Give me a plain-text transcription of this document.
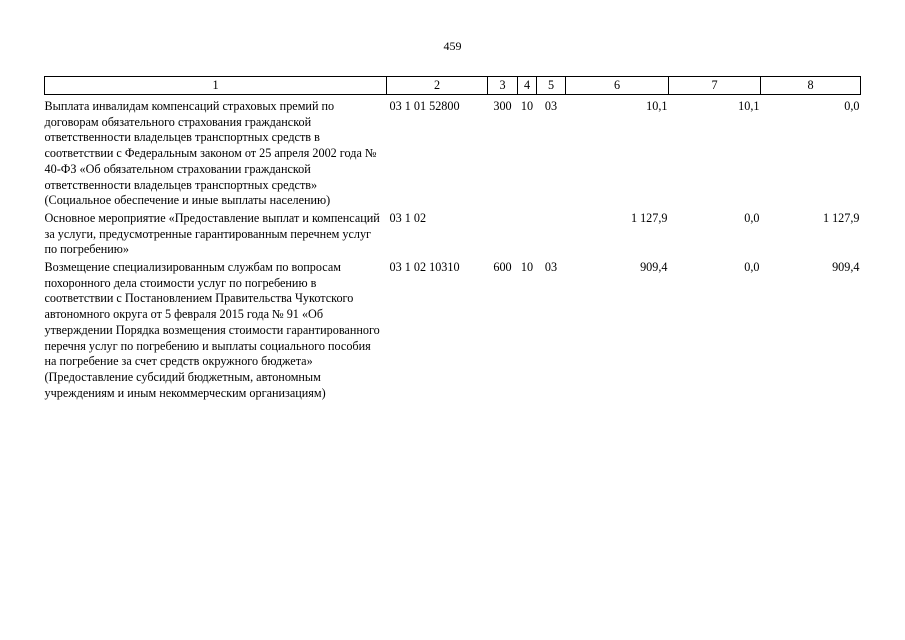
459
1	2	3	4	5	6	7	8
Выплата инвалидам компенсаций страховых премий по договорам обязательного страхования гражданской ответственности владельцев транспортных средств в соответствии с Федеральным законом от 25 апреля 2002 года № 40-ФЗ «Об обязательном страховании гражданской ответственности владельцев транспортных средств» (Социальное обеспечение и иные выплаты населению)	03 1 01 52800	300	10	03	10,1	10,1	0,0
Основное мероприятие «Предоставление выплат и компенсаций за услуги, предусмотренные гарантированным перечнем услуг по погребению»	03 1 02				1 127,9	0,0	1 127,9
Возмещение специализированным службам по вопросам похоронного дела стоимости услуг по погребению в соответствии с Постановлением Правительства Чукотского автономного округа от 5 февраля 2015 года № 91 «Об утверждении Порядка возмещения стоимости гарантированного перечня услуг по погребению и выплаты социального пособия на погребение за счет средств окружного бюджета» (Предоставление субсидий бюджетным, автономным учреждениям и иным некоммерческим организациям)	03 1 02 10310	600	10	03	909,4	0,0	909,4
